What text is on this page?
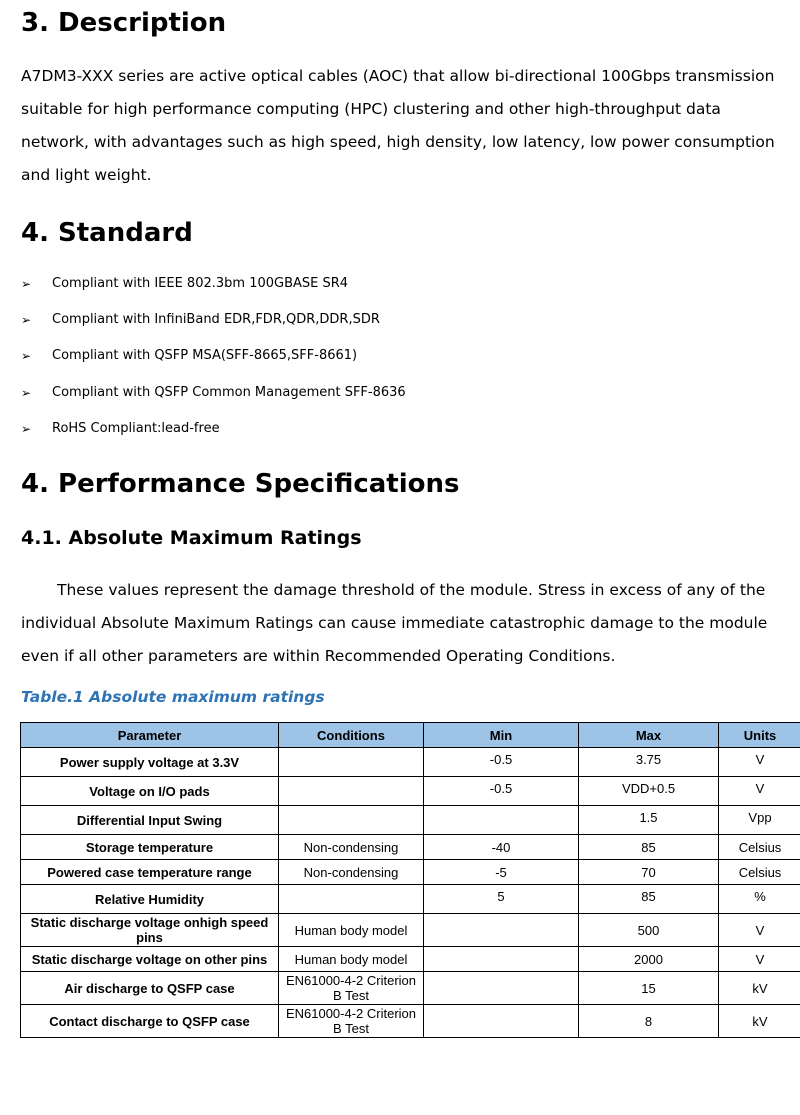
3. Description

A7DM3-XXX series are active optical cables (AOC) that allow bi-directional 100Gbps transmission suitable for high performance computing (HPC) clustering and other high-throughput data network, with advantages such as high speed, high density, low latency, low power consumption and light weight.

4. Standard
➢	Compliant with IEEE 802.3bm 100GBASE SR4
➢	Compliant with InfiniBand EDR,FDR,QDR,DDR,SDR
➢	Compliant with QSFP MSA(SFF-8665,SFF-8661)
➢	Compliant with QSFP Common Management SFF-8636
➢	RoHS Compliant:lead-free
4. Performance Specifications
4.1. Absolute Maximum Ratings

These values represent the damage threshold of the module. Stress in excess of any of the individual Absolute Maximum Ratings can cause immediate catastrophic damage to the module even if all other parameters are within Recommended Operating Conditions.

Table.1 Absolute maximum ratings
Parameter	Conditions	Min	Max	Units
Power supply voltage at 3.3V		-0.5	3.75	V
Voltage on I/O pads		-0.5	VDD+0.5	V
Differential Input Swing			1.5	Vpp
Storage temperature	Non-condensing	-40	85	Celsius
Powered case temperature range	Non-condensing	-5	70	Celsius
Relative Humidity		5	85	%
Static discharge voltage onhigh speed pins	Human body model		500	V
Static discharge voltage on other pins	Human body model		2000	V
Air discharge to QSFP case	EN61000-4-2 Criterion B Test		15	kV
Contact discharge to QSFP case	EN61000-4-2 Criterion B Test		8	kV
